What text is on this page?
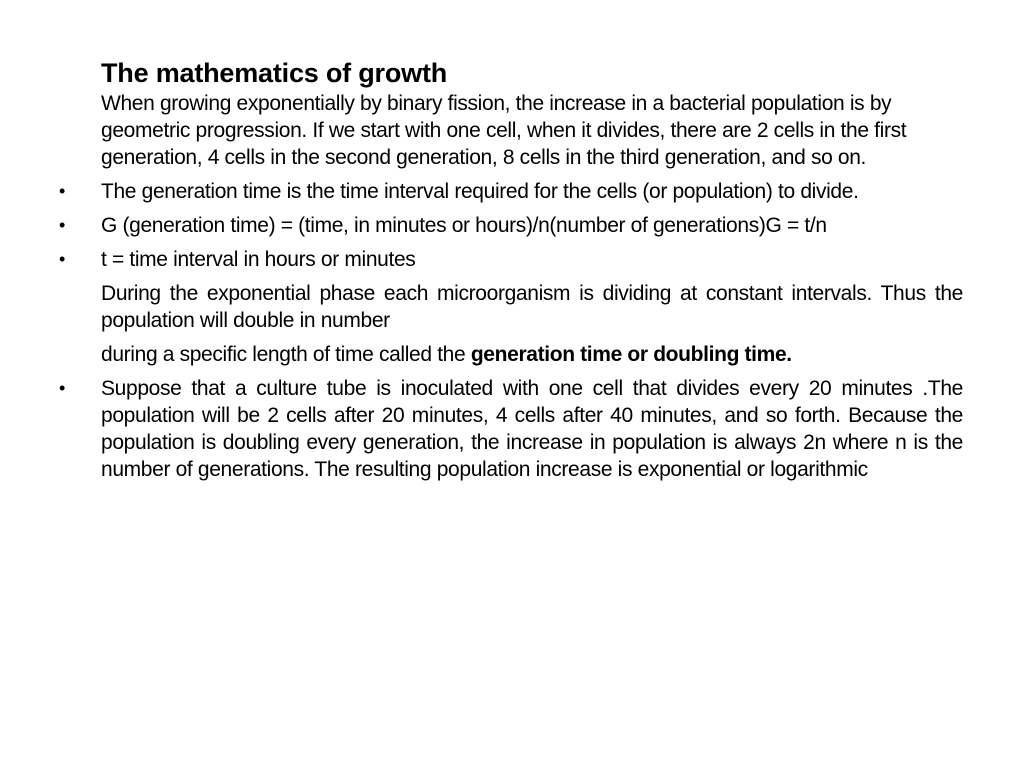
The mathematics of growth

When growing exponentially by binary fission, the increase in a bacterial population is by geometric progression. If we start with one cell, when it divides, there are 2 cells in the first generation, 4 cells in the second generation, 8 cells in the third generation, and so on.

• The generation time is the time interval required for the cells (or population) to divide.

• G (generation time) = (time, in minutes or hours)/n(number of generations)G = t/n

• t = time interval in hours or minutes

During the exponential phase each microorganism is dividing at constant intervals. Thus the population will double in number

during a specific length of time called the generation time or doubling time.

• Suppose that a culture tube is inoculated with one cell that divides every 20 minutes .The population will be 2 cells after 20 minutes, 4 cells after 40 minutes, and so forth. Because the population is doubling every generation, the increase in population is always 2n where n is the number of generations. The resulting population increase is exponential or logarithmic
